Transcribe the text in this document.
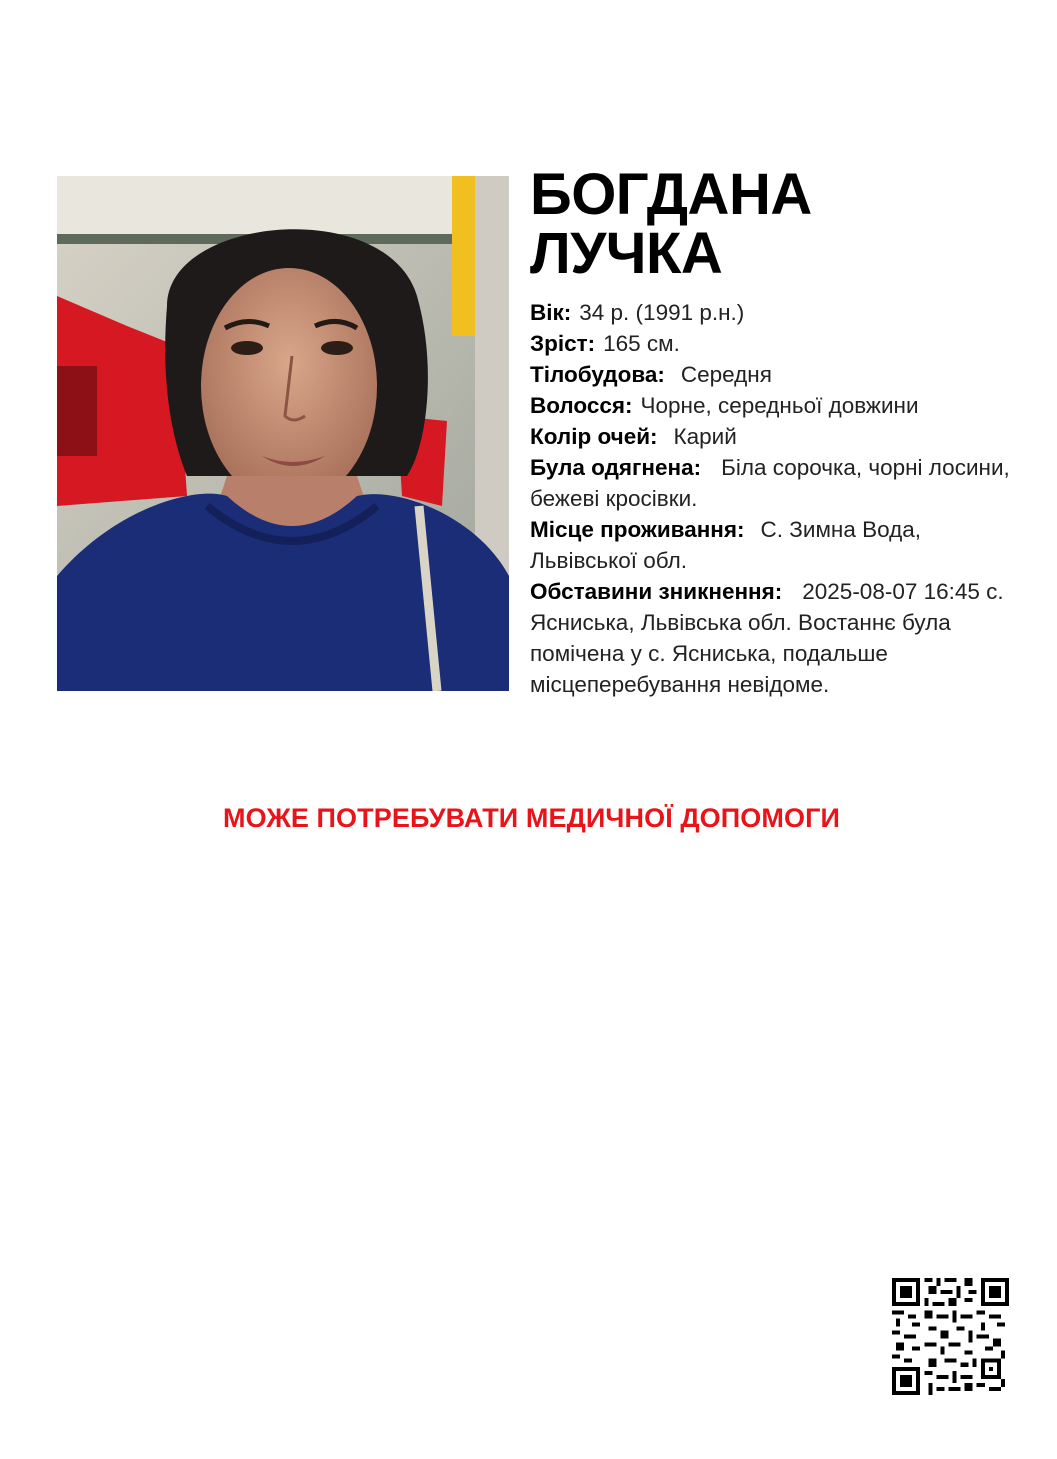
БОГДАНА
ЛУЧКА

Вік: 34 р. (1991 р.н.)

Зріст: 165 см.

Тілобудова: Середня

Волосся: Чорне, середньої довжини

Колір очей: Карий

Була одягнена: Біла сорочка, чорні лосини, бежеві кросівки.

Місце проживання: С. Зимна Вода, Львівської обл.

Обставини зникнення: 2025-08-07 16:45 с. Ясниська, Львівська обл. Востаннє була помічена у с. Ясниська, подальше місцеперебування невідоме.

МОЖЕ ПОТРЕБУВАТИ МЕДИЧНОЇ ДОПОМОГИ
